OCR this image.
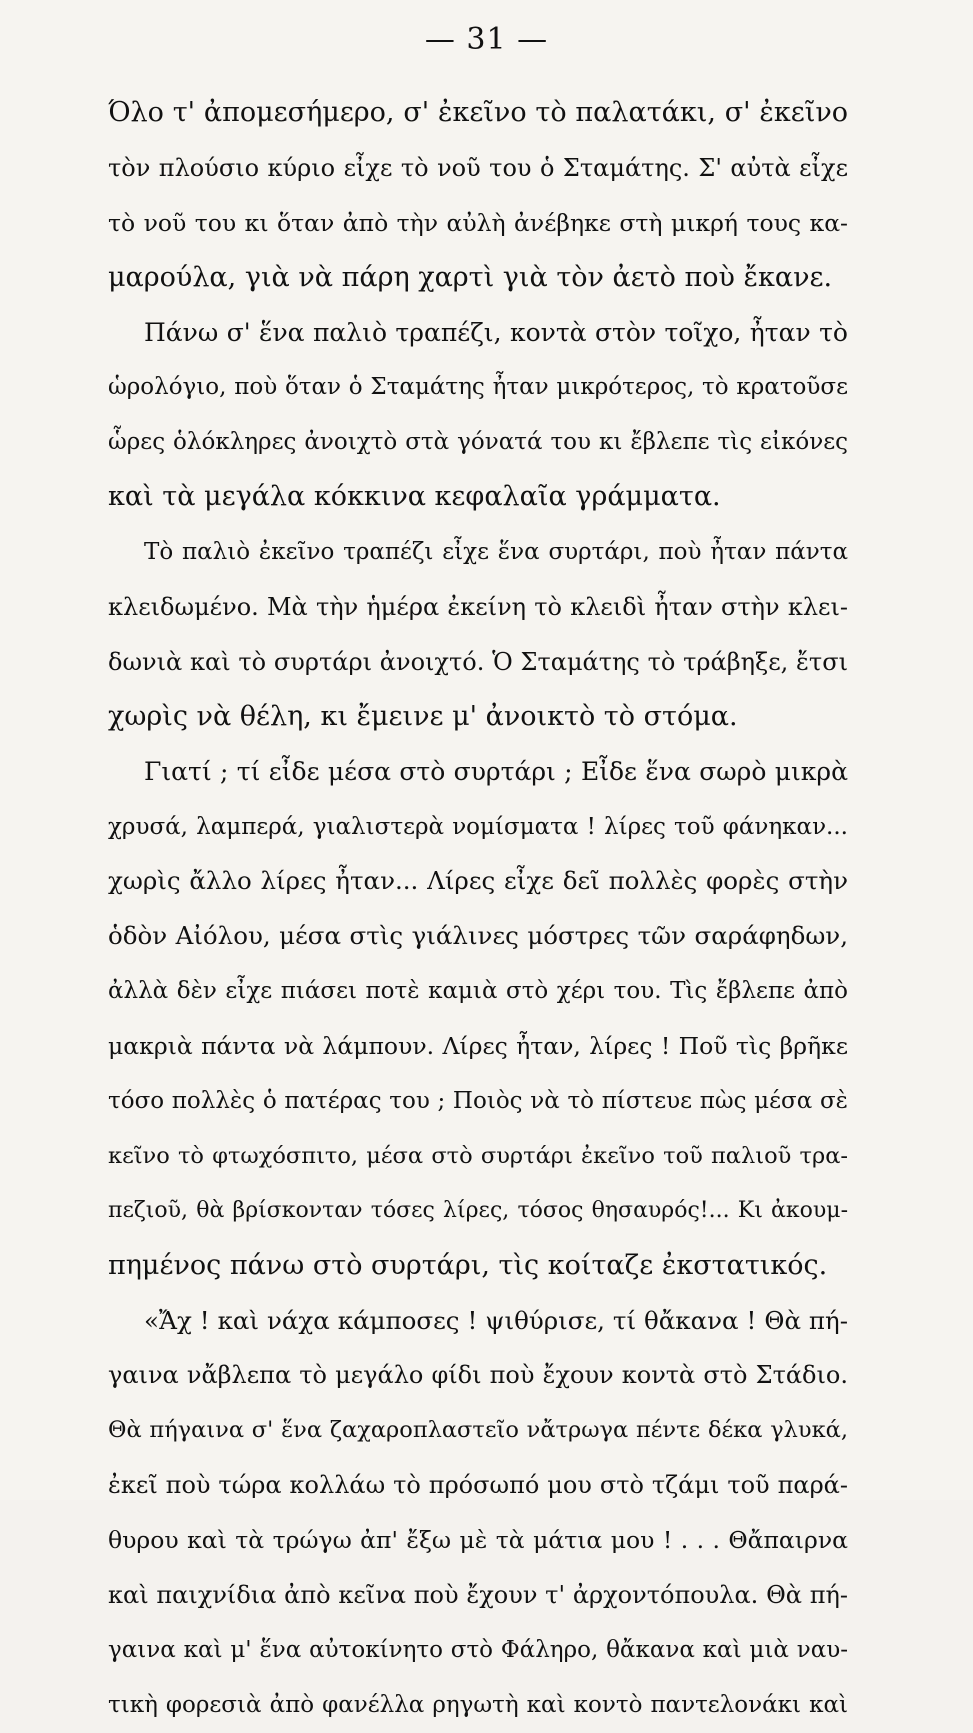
— 31 —
Όλο τ' ἀπομεσήμερο, σ' ἐκεῖνο τὸ παλατάκι, σ' ἐκεῖνο
τὸν πλούσιο κύριο εἶχε τὸ νοῦ του ὁ Σταμάτης. Σ' αὐτὰ εἶχε
τὸ νοῦ του κι ὅταν ἀπὸ τὴν αὐλὴ ἀνέβηκε στὴ μικρή τους κα-
μαρούλα, γιὰ νὰ πάρη χαρτὶ γιὰ τὸν ἀετὸ ποὺ ἔκανε.
Πάνω σ' ἕνα παλιὸ τραπέζι, κοντὰ στὸν τοῖχο, ἦταν τὸ
ὡρολόγιο, ποὺ ὅταν ὁ Σταμάτης ἦταν μικρότερος, τὸ κρατοῦσε
ὧρες ὁλόκληρες ἀνοιχτὸ στὰ γόνατά του κι ἔβλεπε τὶς εἰκόνες
καὶ τὰ μεγάλα κόκκινα κεφαλαῖα γράμματα.
Τὸ παλιὸ ἐκεῖνο τραπέζι εἶχε ἕνα συρτάρι, ποὺ ἦταν πάντα
κλειδωμένο. Μὰ τὴν ἡμέρα ἐκείνη τὸ κλειδὶ ἦταν στὴν κλει-
δωνιὰ καὶ τὸ συρτάρι ἀνοιχτό. Ὁ Σταμάτης τὸ τράβηξε, ἔτσι
χωρὶς νὰ θέλη, κι ἔμεινε μ' ἀνοικτὸ τὸ στόμα.
Γιατί ; τί εἶδε μέσα στὸ συρτάρι ; Εἶδε ἕνα σωρὸ μικρὰ
χρυσά, λαμπερά, γιαλιστερὰ νομίσματα ! λίρες τοῦ φάνηκαν...
χωρὶς ἄλλο λίρες ἦταν... Λίρες εἶχε δεῖ πολλὲς φορὲς στὴν
ὁδὸν Αἰόλου, μέσα στὶς γιάλινες μόστρες τῶν σαράφηδων,
ἀλλὰ δὲν εἶχε πιάσει ποτὲ καμιὰ στὸ χέρι του. Τὶς ἔβλεπε ἀπὸ
μακριὰ πάντα νὰ λάμπουν. Λίρες ἦταν, λίρες ! Ποῦ τὶς βρῆκε
τόσο πολλὲς ὁ πατέρας του ; Ποιὸς νὰ τὸ πίστευε πὼς μέσα σὲ
κεῖνο τὸ φτωχόσπιτο, μέσα στὸ συρτάρι ἐκεῖνο τοῦ παλιοῦ τρα-
πεζιοῦ, θὰ βρίσκονταν τόσες λίρες, τόσος θησαυρός!... Κι ἀκουμ-
πημένος πάνω στὸ συρτάρι, τὶς κοίταζε ἐκστατικός.
«Ἄχ ! καὶ νάχα κάμποσες ! ψιθύρισε, τί θἄκανα ! Θὰ πή-
γαινα νἄβλεπα τὸ μεγάλο φίδι ποὺ ἔχουν κοντὰ στὸ Στάδιο.
Θὰ πήγαινα σ' ἕνα ζαχαροπλαστεῖο νἄτρωγα πέντε δέκα γλυκά,
ἐκεῖ ποὺ τώρα κολλάω τὸ πρόσωπό μου στὸ τζάμι τοῦ παρά-
θυρου καὶ τὰ τρώγω ἀπ' ἔξω μὲ τὰ μάτια μου ! . . . Θἄπαιρνα
καὶ παιχνίδια ἀπὸ κεῖνα ποὺ ἔχουν τ' ἀρχοντόπουλα. Θὰ πή-
γαινα καὶ μ' ἕνα αὐτοκίνητο στὸ Φάληρο, θἄκανα καὶ μιὰ ναυ-
τικὴ φορεσιὰ ἀπὸ φανέλλα ρηγωτὴ καὶ κοντὸ παντελονάκι καὶ
